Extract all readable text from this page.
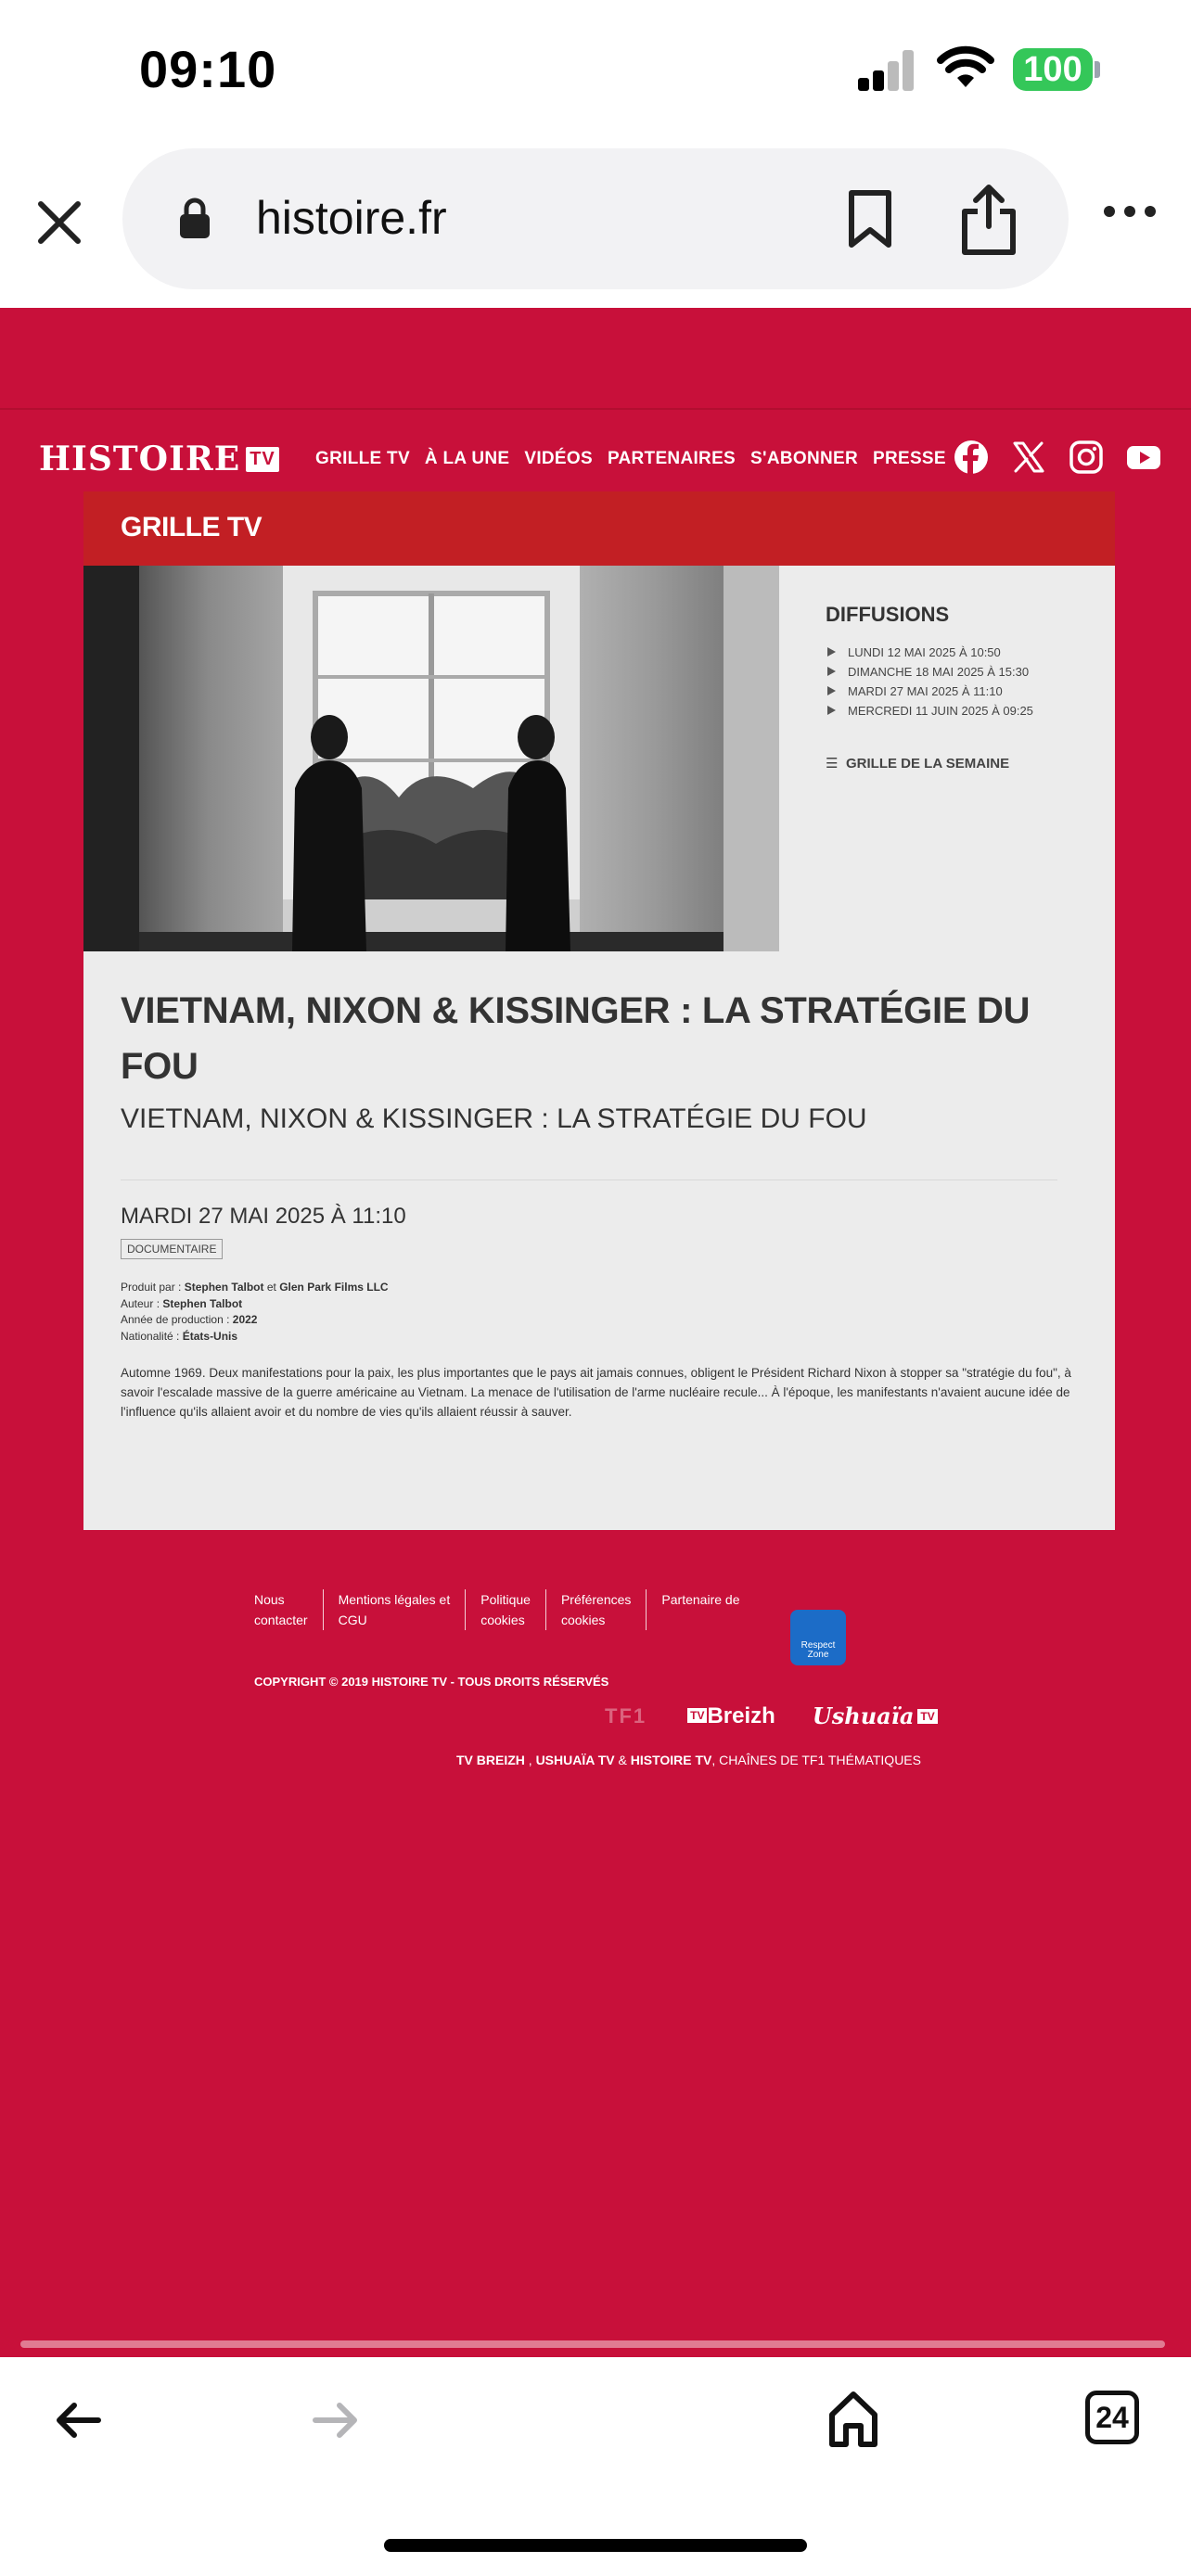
09:10	100
histoire.fr
HISTOIRE TV GRILLE TV À LA UNE VIDÉOS PARTENAIRES S'ABONNER PRESSE
GRILLE TV
DIFFUSIONS
LUNDI 12 MAI 2025 À 10:50
DIMANCHE 18 MAI 2025 À 15:30
MARDI 27 MAI 2025 À 11:10
MERCREDI 11 JUIN 2025 À 09:25
☰ GRILLE DE LA SEMAINE
VIETNAM, NIXON & KISSINGER : LA STRATÉGIE DU FOU
VIETNAM, NIXON & KISSINGER : LA STRATÉGIE DU FOU
MARDI 27 MAI 2025 À 11:10
DOCUMENTAIRE
Produit par : Stephen Talbot et Glen Park Films LLC
Auteur : Stephen Talbot
Année de production : 2022
Nationalité : États-Unis
Automne 1969. Deux manifestations pour la paix, les plus importantes que le pays ait jamais connues, obligent le Président Richard Nixon à stopper sa "stratégie du fou", à savoir l'escalade massive de la guerre américaine au Vietnam. La menace de l'utilisation de l'arme nucléaire recule... À l'époque, les manifestants n'avaient aucune idée de l'influence qu'ils allaient avoir et du nombre de vies qu'ils allaient réussir à sauver.
Nous
contacter
Mentions légales et
CGU
Politique
cookies
Préférences
cookies
Partenaire de
Respect Zone
COPYRIGHT © 2019 HISTOIRE TV - TOUS DROITS RÉSERVÉS
TF1	TV Breizh Ushuaïa TV
TV BREIZH , USHUAÏA TV & HISTOIRE TV, CHAÎNES DE TF1 THÉMATIQUES
24
